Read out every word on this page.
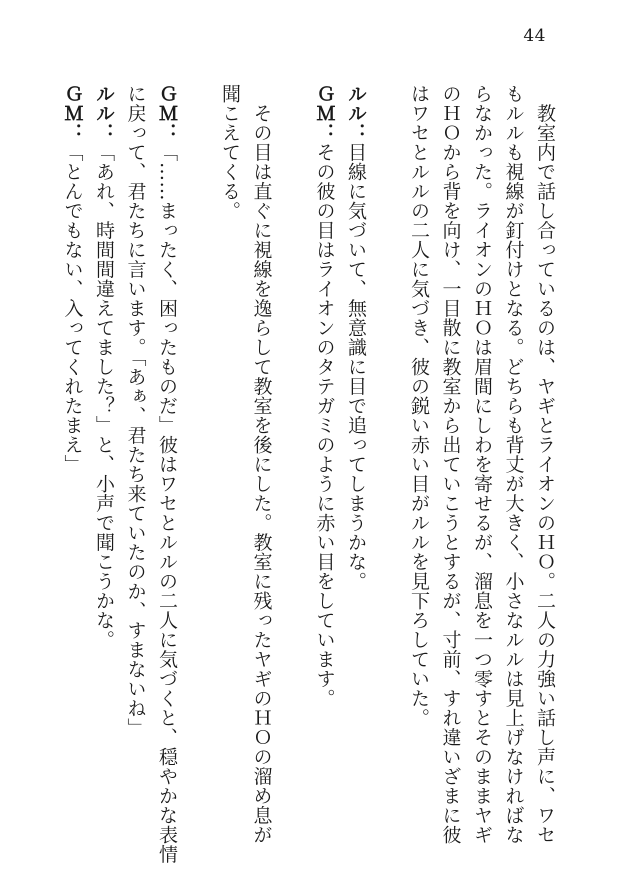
44
　教室内で話し合っているのは、ヤギとライオンのＨＯ。二人の力強い話し声に、ワセ
もルルも視線が釘付けとなる。どちらも背丈が大きく、小さなルルは見上げなければな
らなかった。ライオンのＨＯは眉間にしわを寄せるが、溜息を一つ零すとそのままヤギ
のＨＯから背を向け、一目散に教室から出ていこうとするが、寸前、すれ違いざまに彼
はワセとルルの二人に気づき、彼の鋭い赤い目がルルを見下ろしていた。

ルル：目線に気づいて、無意識に目で追ってしまうかな。
ＧＭ：その彼の目はライオンのタテガミのように赤い目をしています。

　その目は直ぐに視線を逸らして教室を後にした。教室に残ったヤギのＨＯの溜め息が
聞こえてくる。

ＧＭ：「……まったく、困ったものだ」彼はワセとルルの二人に気づくと、穏やかな表情
に戻って、君たちに言います。「あぁ、君たち来ていたのか、すまないね」
ルル：「あれ、時間間違えてました？」と、小声で聞こうかな。
ＧＭ：「とんでもない、入ってくれたまえ」
